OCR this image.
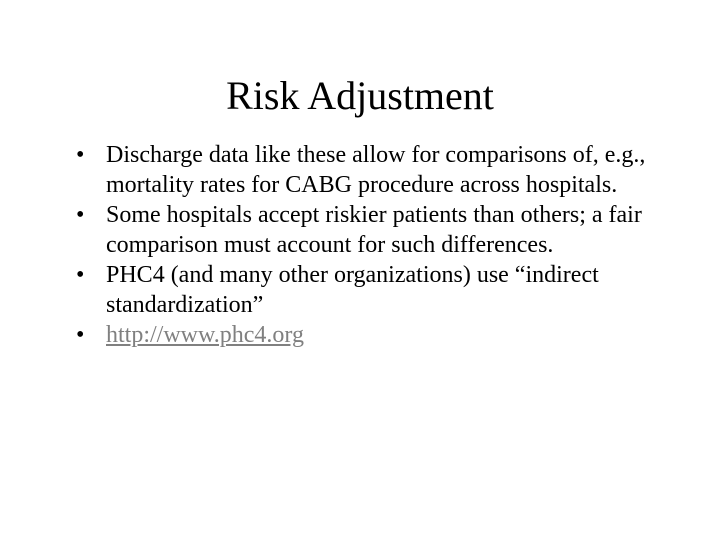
Risk Adjustment
• Discharge data like these allow for comparisons of, e.g., mortality rates for CABG procedure across hospitals.
• Some hospitals accept riskier patients than others; a fair comparison must account for such differences.
• PHC4 (and many other organizations) use “indirect standardization”
• http://www.phc4.org
